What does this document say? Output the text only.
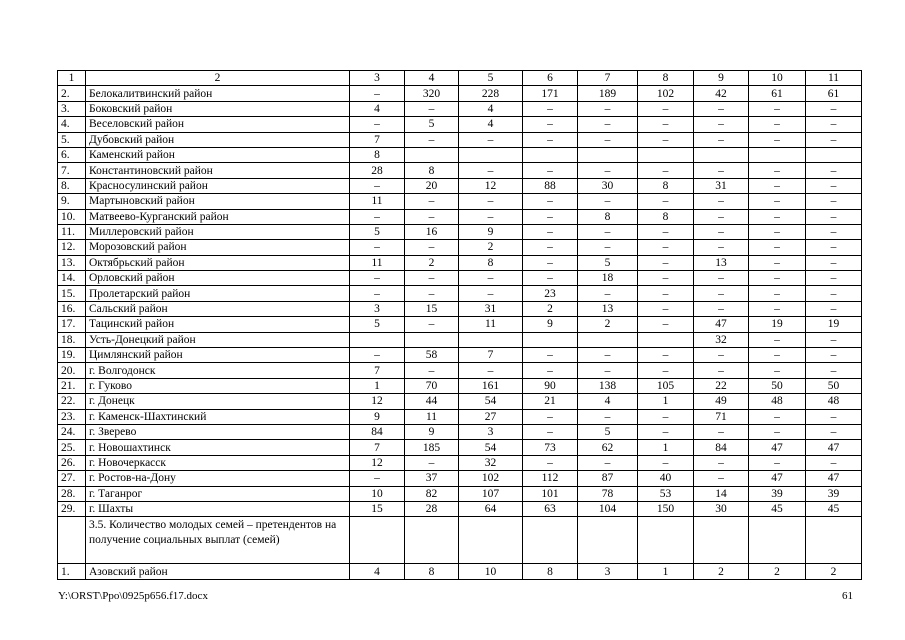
1	2	3	4	5	6	7	8	9	10	11
2.	Белокалитвинский район	–	320	228	171	189	102	42	61	61
3.	Боковский район	4	–	4	–	–	–	–	–	–
4.	Веселовский район	–	5	4	–	–	–	–	–	–
5.	Дубовский район	7	–	–	–	–	–	–	–	–
6.	Каменский район	8								
7.	Константиновский район	28	8	–	–	–	–	–	–	–
8.	Красносулинский район	–	20	12	88	30	8	31	–	–
9.	Мартыновский район	11	–	–	–	–	–	–	–	–
10.	Матвеево-Курганский район	–	–	–	–	8	8	–	–	–
11.	Миллеровский район	5	16	9	–	–	–	–	–	–
12.	Морозовский район	–	–	2	–	–	–	–	–	–
13.	Октябрьский район	11	2	8	–	5	–	13	–	–
14.	Орловский район	–	–	–	–	18	–	–	–	–
15.	Пролетарский район	–	–	–	23	–	–	–	–	–
16.	Сальский район	3	15	31	2	13	–	–	–	–
17.	Тацинский район	5	–	11	9	2	–	47	19	19
18.	Усть-Донецкий район							32	–	–
19.	Цимлянский район	–	58	7	–	–	–	–	–	–
20.	г. Волгодонск	7	–	–	–	–	–	–	–	–
21.	г. Гуково	1	70	161	90	138	105	22	50	50
22.	г. Донецк	12	44	54	21	4	1	49	48	48
23.	г. Каменск-Шахтинский	9	11	27	–	–	–	71	–	–
24.	г. Зверево	84	9	3	–	5	–	–	–	–
25.	г. Новошахтинск	7	185	54	73	62	1	84	47	47
26.	г. Новочеркасск	12	–	32	–	–	–	–	–	–
27.	г. Ростов-на-Дону	–	37	102	112	87	40	–	47	47
28.	г. Таганрог	10	82	107	101	78	53	14	39	39
29.	г. Шахты	15	28	64	63	104	150	30	45	45
	3.5. Количество молодых семей – претендентов на получение социальных выплат (семей)									
1.	Азовский район	4	8	10	8	3	1	2	2	2
Y:\ORST\Ppo\0925p656.f17.docx	61
